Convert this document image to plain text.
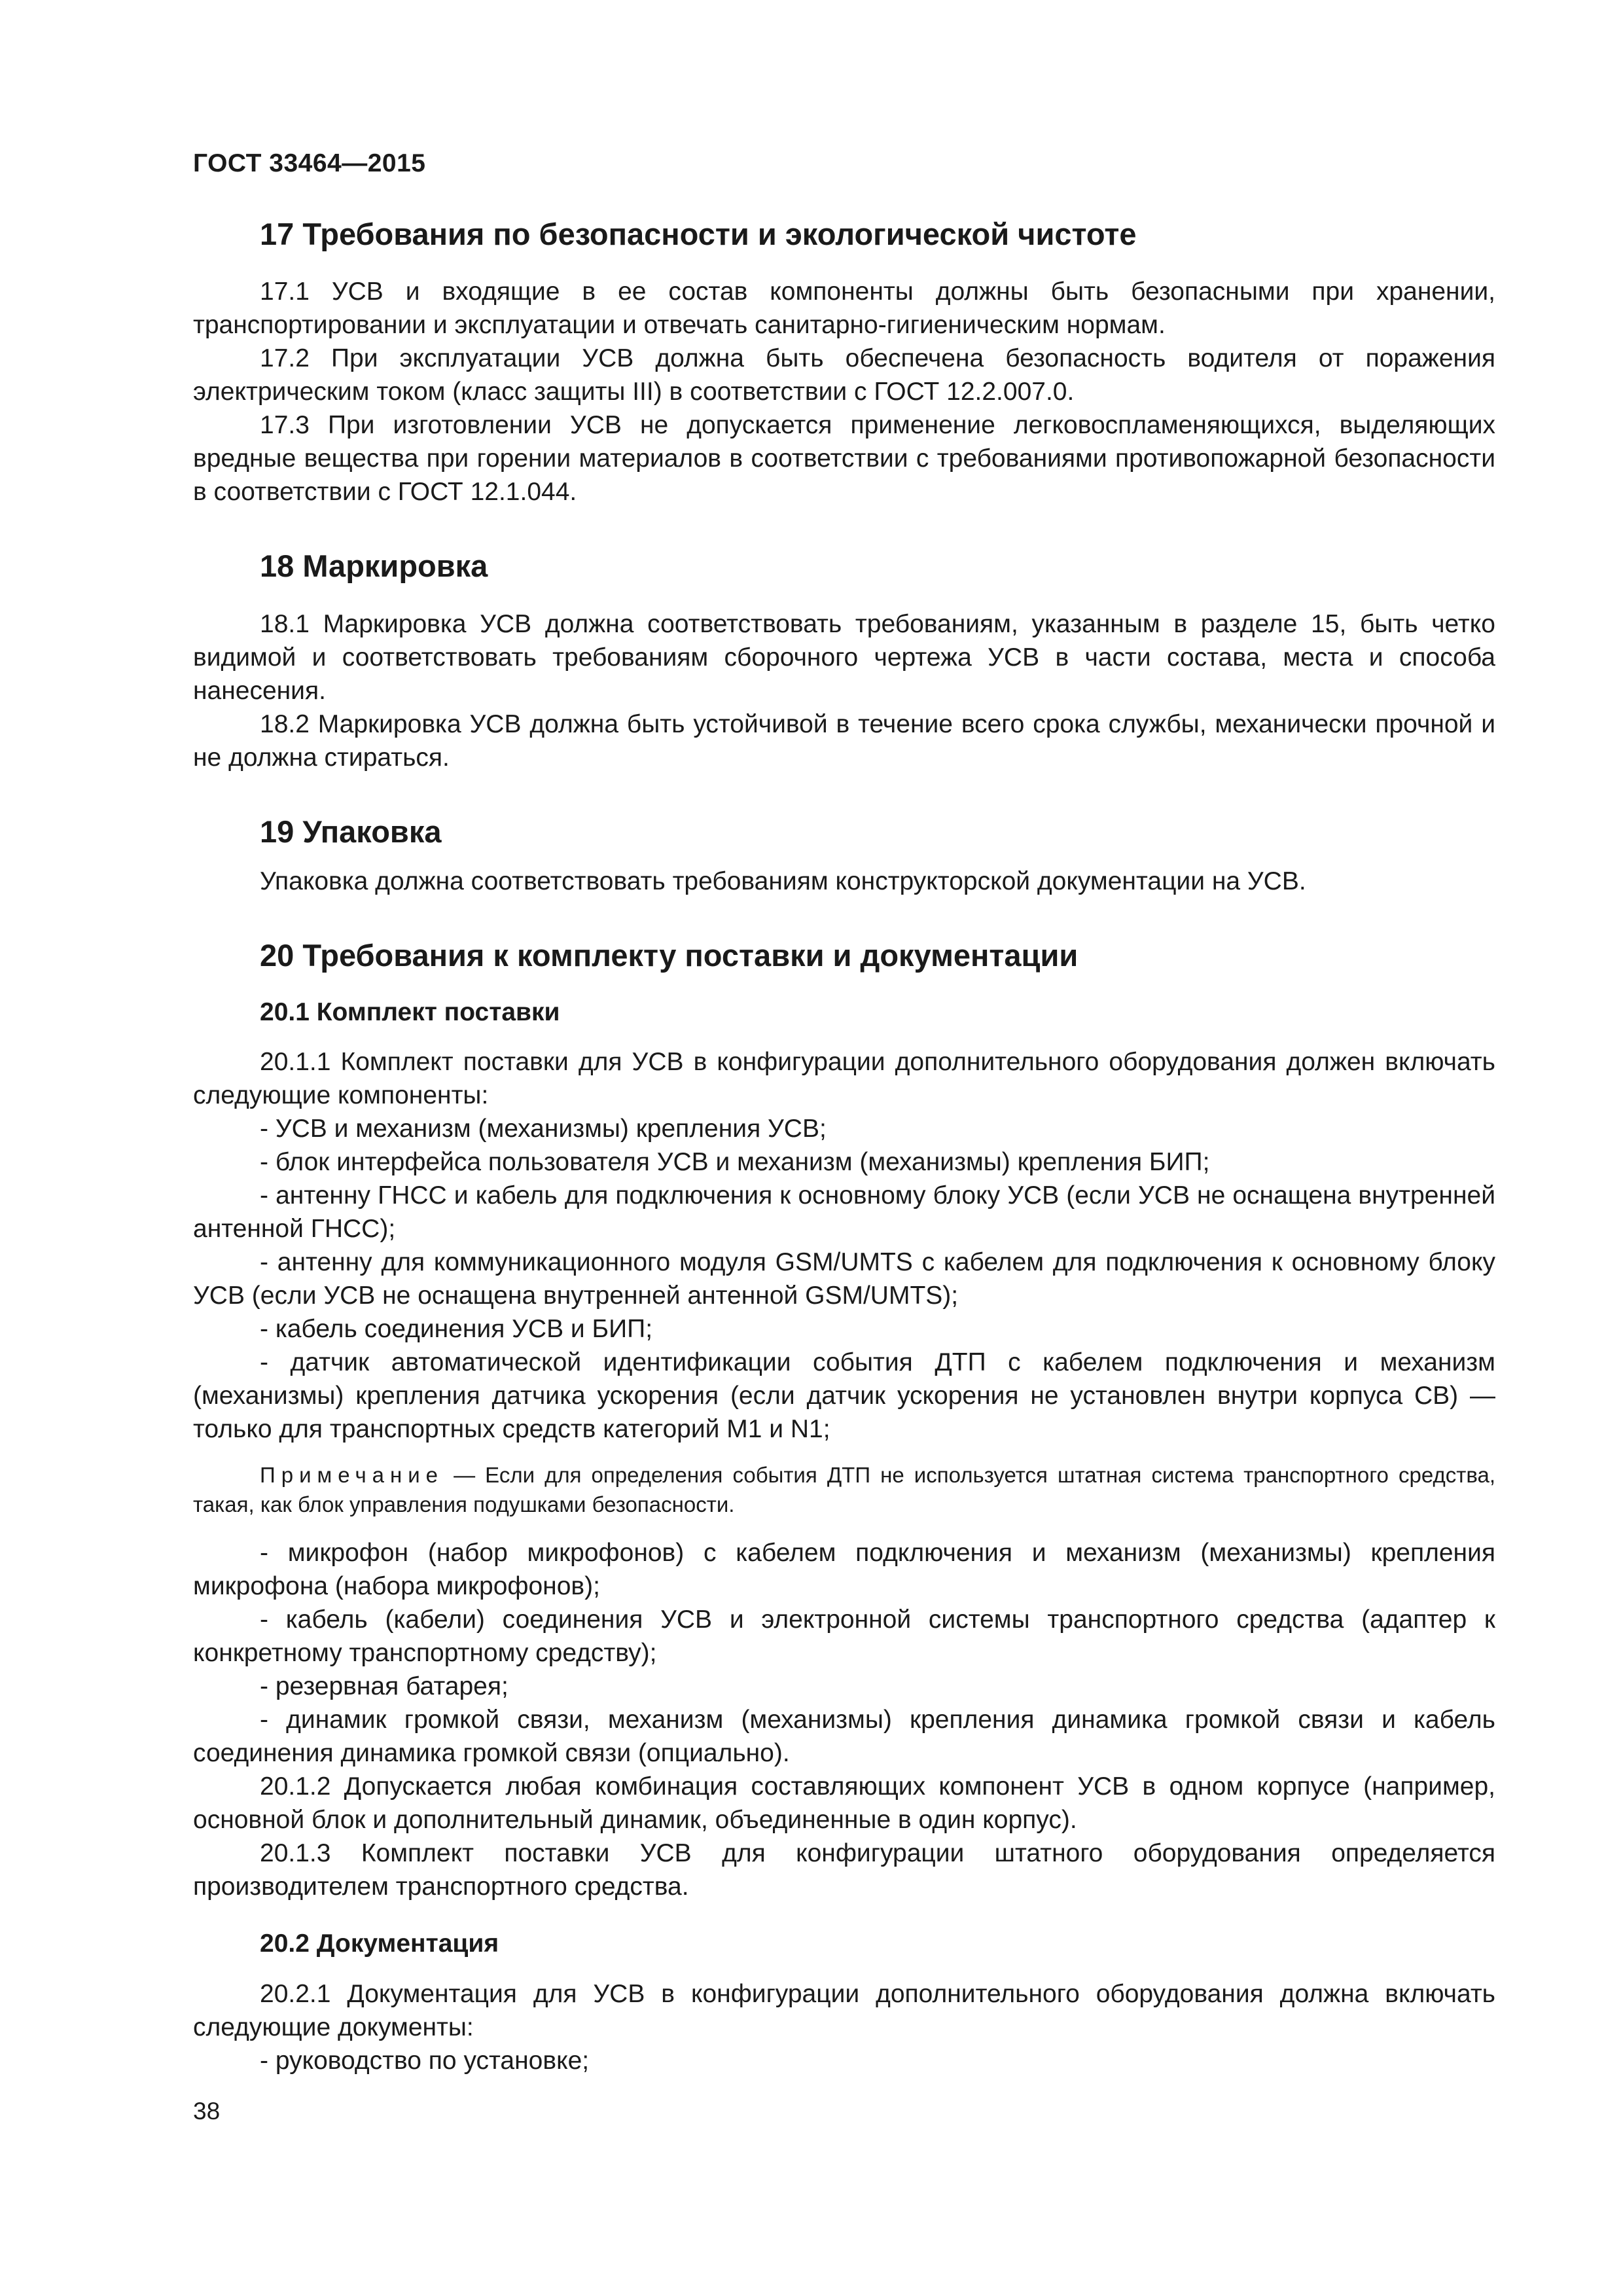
ГОСТ 33464—2015
17 Требования по безопасности и экологической чистоте

17.1 УСВ и входящие в ее состав компоненты должны быть безопасными при хранении, транспортировании и эксплуатации и отвечать санитарно-гигиеническим нормам.

17.2 При эксплуатации УСВ должна быть обеспечена безопасность водителя от поражения электрическим током (класс защиты III) в соответствии с ГОСТ 12.2.007.0.

17.3 При изготовлении УСВ не допускается применение легковоспламеняющихся, выделяющих вредные вещества при горении материалов в соответствии с требованиями противопожарной безопасности в соответствии с ГОСТ 12.1.044.

18 Маркировка

18.1 Маркировка УСВ должна соответствовать требованиям, указанным в разделе 15, быть четко видимой и соответствовать требованиям сборочного чертежа УСВ в части состава, места и способа нанесения.

18.2 Маркировка УСВ должна быть устойчивой в течение всего срока службы, механически прочной и не должна стираться.

19 Упаковка

Упаковка должна соответствовать требованиям конструкторской документации на УСВ.

20 Требования к комплекту поставки и документации
20.1 Комплект поставки

20.1.1 Комплект поставки для УСВ в конфигурации дополнительного оборудования должен включать следующие компоненты:

- УСВ и механизм (механизмы) крепления УСВ;

- блок интерфейса пользователя УСВ и механизм (механизмы) крепления БИП;

- антенну ГНСС и кабель для подключения к основному блоку УСВ (если УСВ не оснащена внутренней антенной ГНСС);

- антенну для коммуникационного модуля GSM/UMTS с кабелем для подключения к основному блоку УСВ (если УСВ не оснащена внутренней антенной GSM/UMTS);

- кабель соединения УСВ и БИП;

- датчик автоматической идентификации события ДТП с кабелем подключения и механизм (механизмы) крепления датчика ускорения (если датчик ускорения не установлен внутри корпуса СВ) — только для транспортных средств категорий М1 и N1;

Примечание — Если для определения события ДТП не используется штатная система транспортного средства, такая, как блок управления подушками безопасности.

- микрофон (набор микрофонов) с кабелем подключения и механизм (механизмы) крепления микрофона (набора микрофонов);

- кабель (кабели) соединения УСВ и электронной системы транспортного средства (адаптер к конкретному транспортному средству);

- резервная батарея;

- динамик громкой связи, механизм (механизмы) крепления динамика громкой связи и кабель соединения динамика громкой связи (опциально).

20.1.2 Допускается любая комбинация составляющих компонент УСВ в одном корпусе (например, основной блок и дополнительный динамик, объединенные в один корпус).

20.1.3 Комплект поставки УСВ для конфигурации штатного оборудования определяется производителем транспортного средства.

20.2 Документация

20.2.1 Документация для УСВ в конфигурации дополнительного оборудования должна включать следующие документы:

- руководство по установке;

38
